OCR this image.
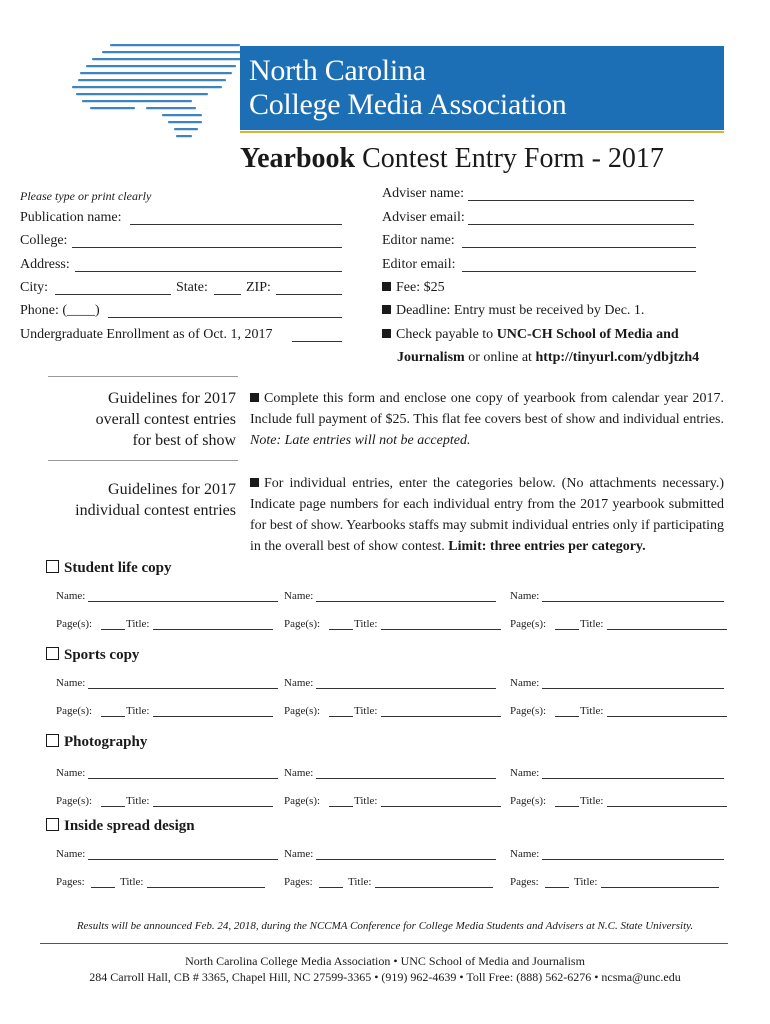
North Carolina
College Media Association
Yearbook Contest Entry Form - 2017
Please type or print clearly
Publication name:
College:
Address:
City:	State:	ZIP:
Phone: (____)
Undergraduate Enrollment as of Oct. 1, 2017
Adviser name:
Adviser email:
Editor name:
Editor email:
Fee: $25
Deadline: Entry must be received by Dec. 1.
Check payable to UNC-CH School of Media and
Journalism or online at http://tinyurl.com/ydbjtzh4
Guidelines for 2017
overall contest entries
for best of show
Complete this form and enclose one copy of yearbook from calendar year 2017. Include full payment of $25. This flat fee covers best of show and individual entries. Note: Late entries will not be accepted.
Guidelines for 2017
individual contest entries
For individual entries, enter the categories below. (No attachments necessary.) Indicate page numbers for each individual entry from the 2017 yearbook submitted for best of show. Yearbooks staffs may submit individual entries only if participating in the overall best of show contest. Limit: three entries per category.
Student life copy
Name:
Page(s):	Title:
Name:
Page(s):	Title:
Name:
Page(s):	Title:
Sports copy
Name:
Page(s):	Title:
Name:
Page(s):	Title:
Name:
Page(s):	Title:
Photography
Name:
Page(s):	Title:
Name:
Page(s):	Title:
Name:
Page(s):	Title:
Inside spread design
Name:
Pages:	Title:
Name:
Pages:	Title:
Name:
Pages:	Title:
Results will be announced Feb. 24, 2018, during the NCCMA Conference for College Media Students and Advisers at N.C. State University.
North Carolina College Media Association • UNC School of Media and Journalism
284 Carroll Hall, CB # 3365, Chapel Hill, NC 27599-3365 • (919) 962-4639 • Toll Free: (888) 562-6276 • ncsma@unc.edu
